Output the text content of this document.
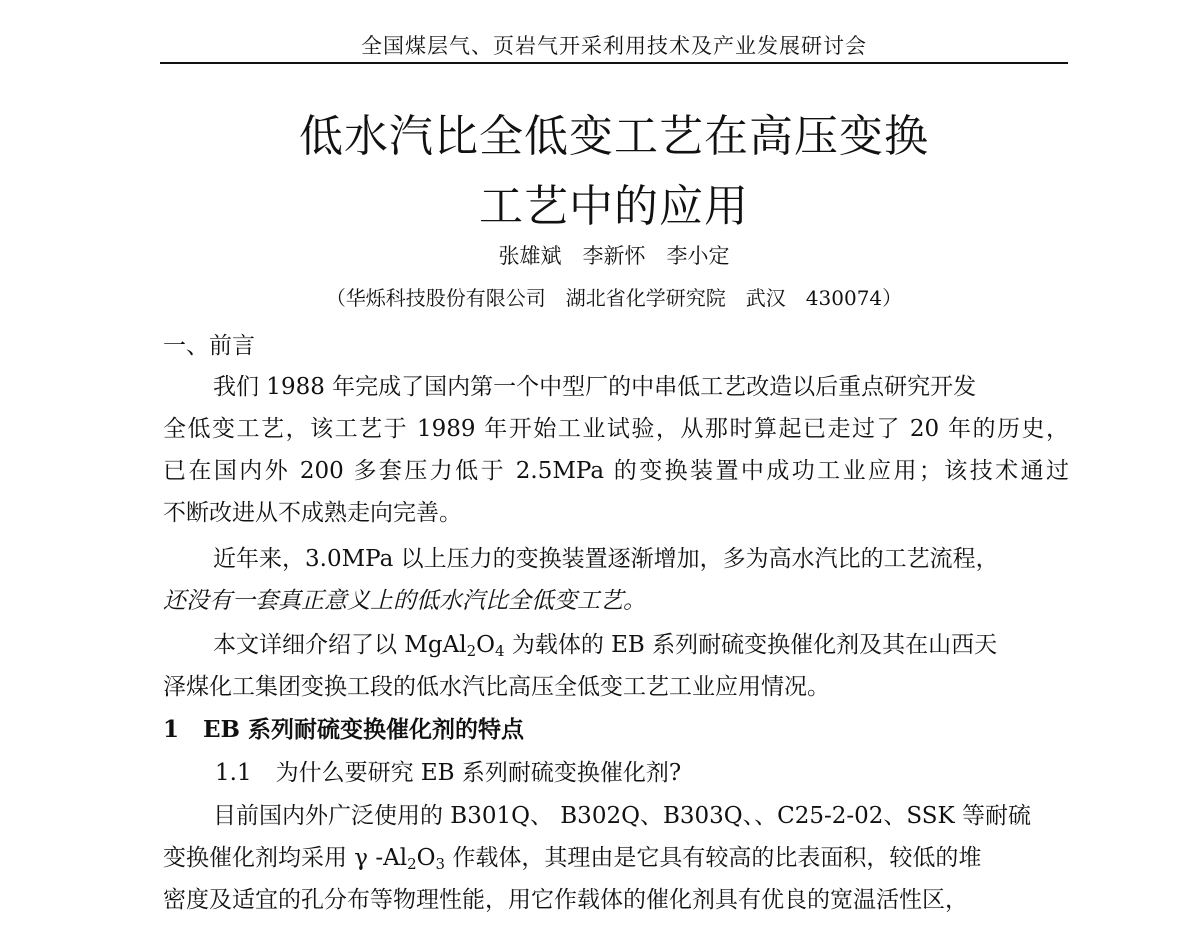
全国煤层气、页岩气开采利用技术及产业发展研讨会
低水汽比全低变工艺在高压变换
工艺中的应用
张雄斌　李新怀　李小定
（华烁科技股份有限公司　湖北省化学研究院　武汉　430074）
一、前言
我们 1988 年完成了国内第一个中型厂的中串低工艺改造以后重点研究开发
全低变工艺，该工艺于 1989 年开始工业试验，从那时算起已走过了 20 年的历史，
已在国内外 200 多套压力低于 2.5MPa 的变换装置中成功工业应用；该技术通过
不断改进从不成熟走向完善。
近年来，3.0MPa 以上压力的变换装置逐渐增加，多为高水汽比的工艺流程，
还没有一套真正意义上的低水汽比全低变工艺。
本文详细介绍了以 $MgAl_2O_4$ 为载体的 EB 系列耐硫变换催化剂及其在山西天
泽煤化工集团变换工段的低水汽比高压全低变工艺工业应用情况。
1 EB 系列耐硫变换催化剂的特点
1.1 为什么要研究 EB 系列耐硫变换催化剂?
目前国内外广泛使用的 B301Q、 B302Q、B303Q、、C25-2-02、SSK 等耐硫
变换催化剂均采用 γ $-Al_2O_3$ 作载体，其理由是它具有较高的比表面积，较低的堆
密度及适宜的孔分布等物理性能，用它作载体的催化剂具有优良的宽温活性区，
